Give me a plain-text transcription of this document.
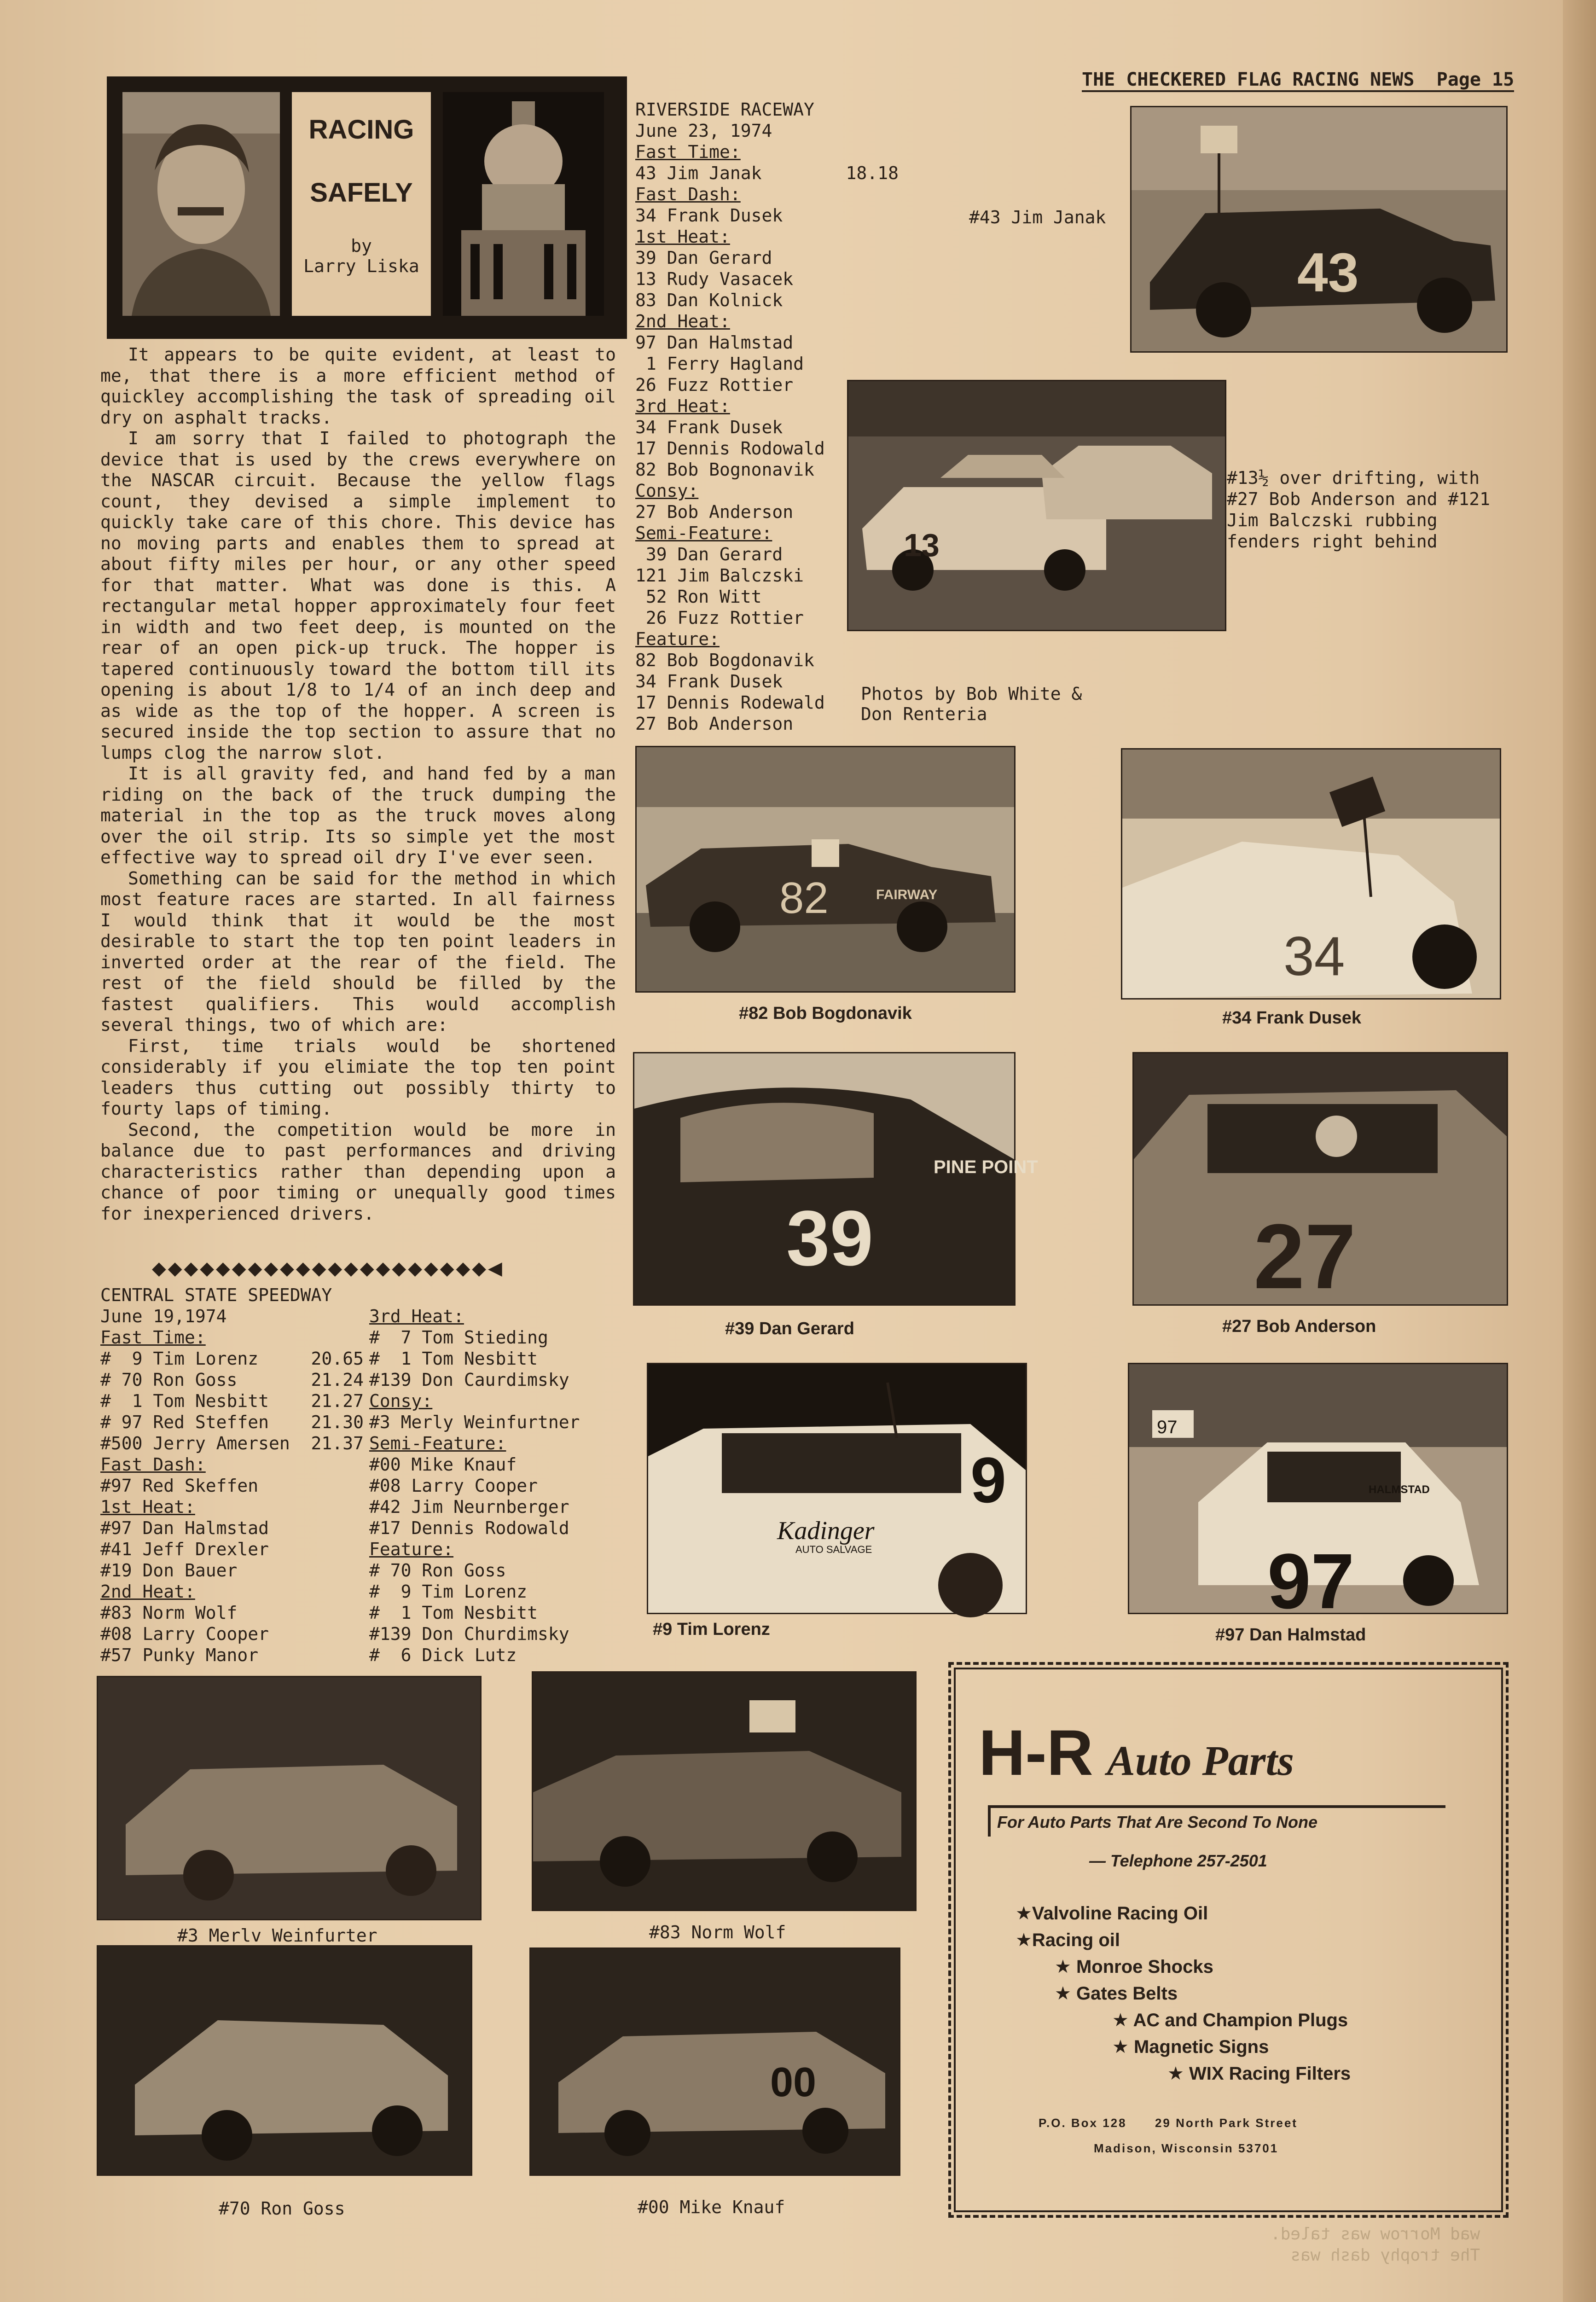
THE CHECKERED FLAG RACING NEWS Page 15
RACING
SAFELY
by
Larry Liska

It appears to be quite evident, at least to me, that there is a more efficient method of quickley accomplishing the task of spreading oil dry on asphalt tracks.

I am sorry that I failed to photograph the device that is used by the crews everywhere on the NASCAR circuit. Because the yellow flags count, they devised a simple implement to quickly take care of this chore. This device has no moving parts and enables them to spread at about fifty miles per hour, or any other speed for that matter. What was done is this. A rectangular metal hopper approximately four feet in width and two feet deep, is mounted on the rear of an open pick-up truck. The hopper is tapered continuously toward the bottom till its opening is about 1/8 to 1/4 of an inch deep and as wide as the top of the hopper. A screen is secured inside the top section to assure that no lumps clog the narrow slot.

It is all gravity fed, and hand fed by a man riding on the back of the truck dumping the material in the top as the truck moves along over the oil strip. Its so simple yet the most effective way to spread oil dry I've ever seen.

Something can be said for the method in which most feature races are started. In all fairness I would think that it would be the most desirable to start the top ten point leaders in inverted order at the rear of the field. The rest of the field should be filled by the fastest qualifiers. This would accomplish several things, two of which are:

First, time trials would be shortened considerably if you elimiate the top ten point leaders thus cutting out possibly thirty to fourty laps of timing.

Second, the competition would be more in balance due to past performances and driving characteristics rather than depending upon a chance of poor timing or unequally good times for inexperienced drivers.

◆◆◆◆◆◆◆◆◆◆◆◆◆◆◆◆◆◆◆◆◆◀
RIVERSIDE RACEWAY
June 23, 1974
Fast Time:
43 Jim Janak        18.18
Fast Dash:
34 Frank Dusek
1st Heat:
39 Dan Gerard
13 Rudy Vasacek
83 Dan Kolnick
2nd Heat:
97 Dan Halmstad
1 Ferry Hagland
26 Fuzz Rottier
3rd Heat:
34 Frank Dusek
17 Dennis Rodowald
82 Bob Bognonavik
Consy:
27 Bob Anderson
Semi-Feature:
39 Dan Gerard
121 Jim Balczski
52 Ron Witt
26 Fuzz Rottier
Feature:
82 Bob Bogdonavik
34 Frank Dusek
17 Dennis Rodewald
27 Bob Anderson
CENTRAL STATE SPEEDWAY
June 19,1974
Fast Time:
#  9 Tim Lorenz     20.65
# 70 Ron Goss       21.24
#  1 Tom Nesbitt    21.27
# 97 Red Steffen    21.30
#500 Jerry Amersen  21.37
Fast Dash:
#97 Red Skeffen
1st Heat:
#97 Dan Halmstad
#41 Jeff Drexler
#19 Don Bauer
2nd Heat:
#83 Norm Wolf
#08 Larry Cooper
#57 Punky Manor
3rd Heat:
#  7 Tom Stieding
#  1 Tom Nesbitt
#139 Don Caurdimsky
Consy:
#3 Merly Weinfurtner
Semi-Feature:
#00 Mike Knauf
#08 Larry Cooper
#42 Jim Neurnberger
#17 Dennis Rodowald
Feature:
# 70 Ron Goss
#  9 Tim Lorenz
#  1 Tom Nesbitt
#139 Don Churdimsky
#  6 Dick Lutz
43
13
82	FAIRWAY
34
39
PINE POINT
27
9
Kadinger
AUTO SALVAGE
97
97
HALMSTAD
00
#43 Jim Janak
#13½ over drifting, with
#27 Bob Anderson and #121
Jim Balczski rubbing
fenders right behind
Photos by Bob White &
Don Renteria
#82 Bob Bogdonavik	#34 Frank Dusek
#39 Dan Gerard	#27 Bob Anderson
#9 Tim Lorenz	#97 Dan Halmstad
#3 Merlv Weinfurter	#83 Norm Wolf
#70 Ron Goss	#00 Mike Knauf
H-R Auto Parts
For Auto Parts That Are Second To None
— Telephone 257-2501
★Valvoline Racing Oil
★Racing oil
★ Monroe Shocks
★ Gates Belts
★ AC and Champion Plugs
★ Magnetic Signs
★ WIX Racing Filters
P.O. Box 128      29 North Park Street
Madison, Wisconsin 53701
wad Morrow was taled.
The trophy dash was
